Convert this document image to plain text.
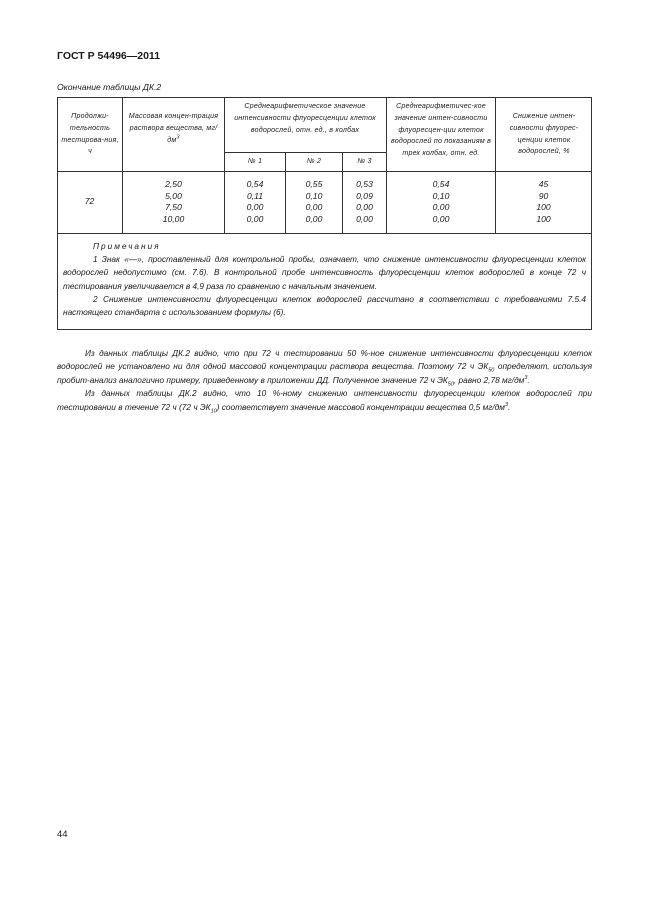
ГОСТ Р 54496—2011
Окончание таблицы ДК.2
Продолжи-тельность тестирова-ния, ч
Массовая концен-трация раствора вещества, $мг/дм^3$
Среднеарифметическое значение интенсивности флуоресценции клеток водорослей, отн. ед., в колбах
№ 1	№ 2	№ 3
Среднеарифметичес-кое значение интен-сивности флуоресцен-ции клеток водорослей по показаниям в трех колбах, отн. ед.
Снижение интен-сивности флуорес-ценции клеток водорослей, %
72
2,50
5,00
7,50
10,00
0,54
0,11
0,00
0,00
0,55
0,10
0,00
0,00
0,53
0,09
0,00
0,00
0,54
0,10
0,00
0,00
45
90
100
100
Примечания

1 Знак «—», проставленный для контрольной пробы, означает, что снижение интенсивности флуоресценции клеток водорослей недопустимо (см. 7.6). В контрольной пробе интенсивность флуоресценции клеток водорослей в конце 72 ч тестирования увеличивается в 4,9 раза по сравнению с начальным значением.

2 Снижение интенсивности флуоресценции клеток водорослей рассчитано в соответствии с требованиями 7.5.4 настоящего стандарта с использованием формулы (6).

Из данных таблицы ДК.2 видно, что при 72 ч тестировании 50 %-ное снижение интенсивности флуоресценции клеток водорослей не установлено ни для одной массовой концентрации раствора вещества. Поэтому 72 ч $ЭК_{50}$ определяют, используя пробит-анализ аналогично примеру, приведенному в приложении ДД. Полученное значение 72 ч $ЭК_{50}$, равно 2,78 $мг/дм^3$.

Из данных таблицы ДК.2 видно, что 10 %-ному снижению интенсивности флуоресценции клеток водорослей при тестировании в течение 72 ч (72 ч $ЭК_{10}$) соответствует значение массовой концентрации вещества 0,5 $мг/дм^3$.

44
